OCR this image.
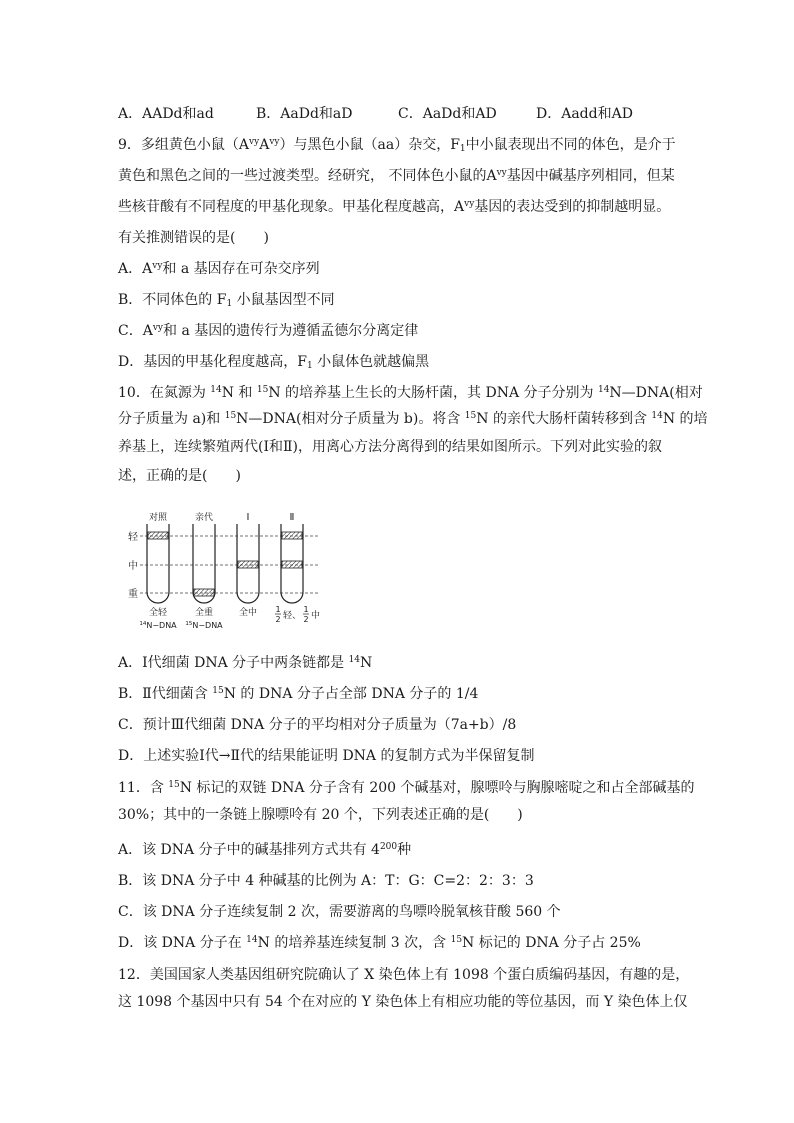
A．AADd和ad	B．AaDd和aD	C．AaDd和AD	D．Aadd和AD
9．多组黄色小鼠$(A^{vy}A^{vy})$与黑色小鼠（aa）杂交，$F_1$中小鼠表现出不同的体色，是介于
黄色和黑色之间的一些过渡类型。经研究， 不同体色小鼠的$A^{vy}$基因中碱基序列相同，但某
些核苷酸有不同程度的甲基化现象。甲基化程度越高，$A^{vy}$基因的表达受到的抑制越明显。
有关推测错误的是(　　)
A．$A^{vy}$和 a 基因存在可杂交序列
B．不同体色的 $F_1$ 小鼠基因型不同
C．$A^{vy}$和 a 基因的遗传行为遵循孟德尔分离定律
D．基因的甲基化程度越高，$F_1$ 小鼠体色就越偏黑
10．在氮源为 $^{14}$N 和 $^{15}$N 的培养基上生长的大肠杆菌，其 DNA 分子分别为 $^{14}$N—DNA(相对
分子质量为 a)和 $^{15}$N—DNA(相对分子质量为 b)。将含 $^{15}$N 的亲代大肠杆菌转移到含 $^{14}$N 的培
养基上，连续繁殖两代(Ⅰ和Ⅱ)，用离心方法分离得到的结果如图所示。下列对此实验的叙
述，正确的是(　　)
轻
中
重
对照	亲代	Ⅰ	Ⅱ
全轻	全重	全中
$^{14}$N−DNA $^{15}$N−DNA
1
2 轻、
1
2 中
A．Ⅰ代细菌 DNA 分子中两条链都是 $^{14}$N
B．Ⅱ代细菌含 $^{15}$N 的 DNA 分子占全部 DNA 分子的 1/4
C．预计Ⅲ代细菌 DNA 分子的平均相对分子质量为（7a+b）/8
D．上述实验Ⅰ代→Ⅱ代的结果能证明 DNA 的复制方式为半保留复制
11．含 $^{15}$N 标记的双链 DNA 分子含有 200 个碱基对，腺嘌呤与胸腺嘧啶之和占全部碱基的
30%；其中的一条链上腺嘌呤有 20 个，下列表述正确的是(　　)
A．该 DNA 分子中的碱基排列方式共有 $4^{200}$种
B．该 DNA 分子中 4 种碱基的比例为 A：T：G：C=2：2：3：3
C．该 DNA 分子连续复制 2 次，需要游离的鸟嘌呤脱氧核苷酸 560 个
D．该 DNA 分子在 $^{14}$N 的培养基连续复制 3 次，含 $^{15}$N 标记的 DNA 分子占 25%
12．美国国家人类基因组研究院确认了 X 染色体上有 1098 个蛋白质编码基因，有趣的是，
这 1098 个基因中只有 54 个在对应的 Y 染色体上有相应功能的等位基因，而 Y 染色体上仅
